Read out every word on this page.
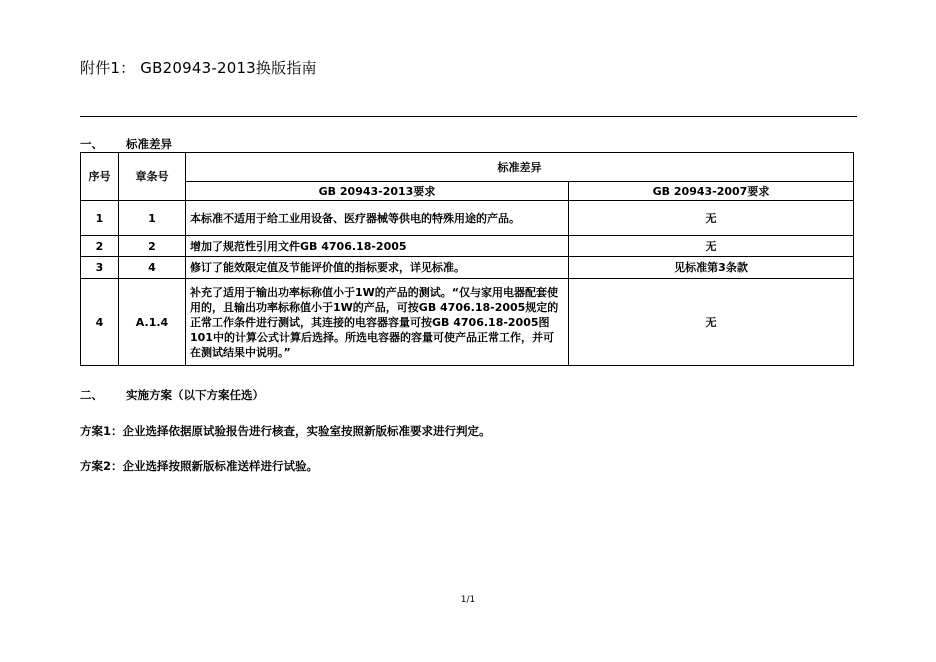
附件1： GB20943-2013换版指南
一、 标准差异
序号	章条号	标准差异	
		GB 20943-2013要求	GB 20943-2007要求
1	1	本标准不适用于给工业用设备、医疗器械等供电的特殊用途的产品。	无
2	2	增加了规范性引用文件GB 4706.18-2005	无
3	4	修订了能效限定值及节能评价值的指标要求，详见标准。	见标准第3条款
4	A.1.4	补充了适用于输出功率标称值小于1W的产品的测试。“仅与家用电器配套使用的，且输出功率标称值小于1W的产品，可按GB 4706.18-2005规定的正常工作条件进行测试，其连接的电容器容量可按GB 4706.18-2005图101中的计算公式计算后选择。所选电容器的容量可使产品正常工作，并可在测试结果中说明。”	无
二、 实施方案（以下方案任选）
方案1：企业选择依据原试验报告进行核查，实验室按照新版标准要求进行判定。
方案2：企业选择按照新版标准送样进行试验。
1/1
